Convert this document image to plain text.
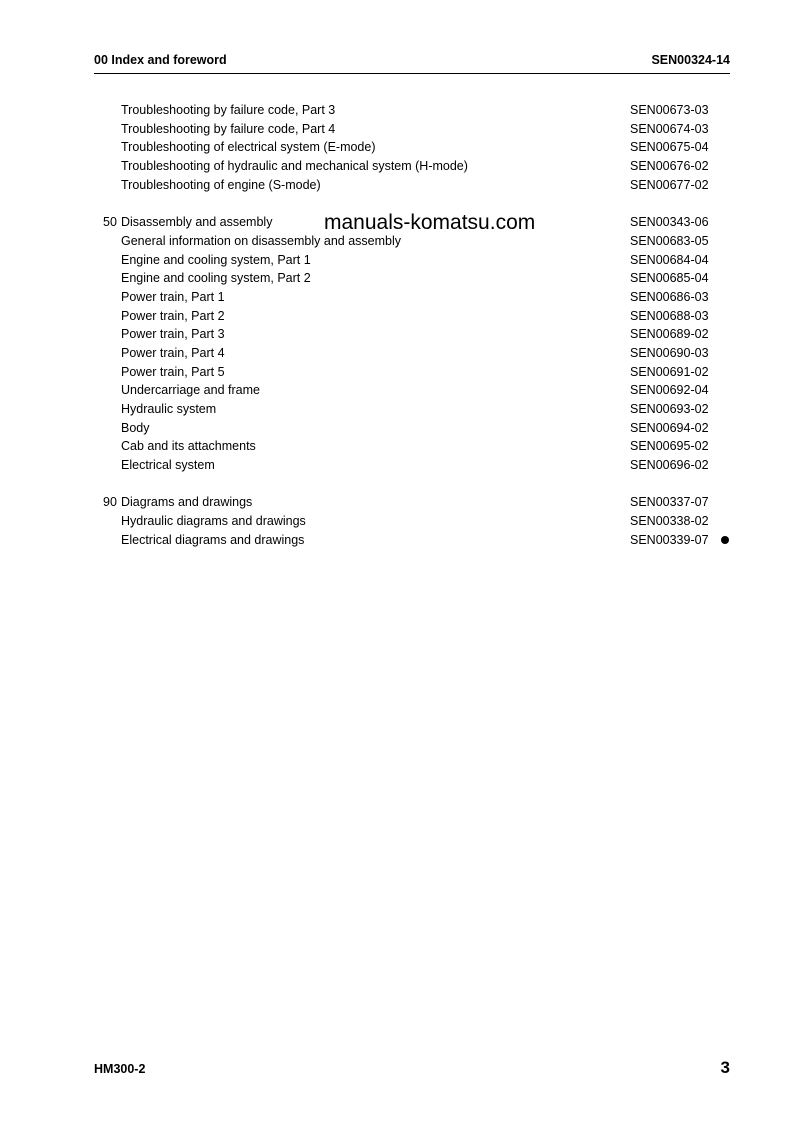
00 Index and foreword	SEN00324-14
Troubleshooting by failure code, Part 3	SEN00673-03
Troubleshooting by failure code, Part 4	SEN00674-03
Troubleshooting of electrical system (E-mode)	SEN00675-04
Troubleshooting of hydraulic and mechanical system (H-mode)	SEN00676-02
Troubleshooting of engine (S-mode)	SEN00677-02
50 Disassembly and assembly	SEN00343-06
General information on disassembly and assembly	SEN00683-05
Engine and cooling system, Part 1	SEN00684-04
Engine and cooling system, Part 2	SEN00685-04
Power train, Part 1	SEN00686-03
Power train, Part 2	SEN00688-03
Power train, Part 3	SEN00689-02
Power train, Part 4	SEN00690-03
Power train, Part 5	SEN00691-02
Undercarriage and frame	SEN00692-04
Hydraulic system	SEN00693-02
Body	SEN00694-02
Cab and its attachments	SEN00695-02
Electrical system	SEN00696-02
90 Diagrams and drawings	SEN00337-07
Hydraulic diagrams and drawings	SEN00338-02
Electrical diagrams and drawings	SEN00339-07
manuals-komatsu.com
HM300-2	3
